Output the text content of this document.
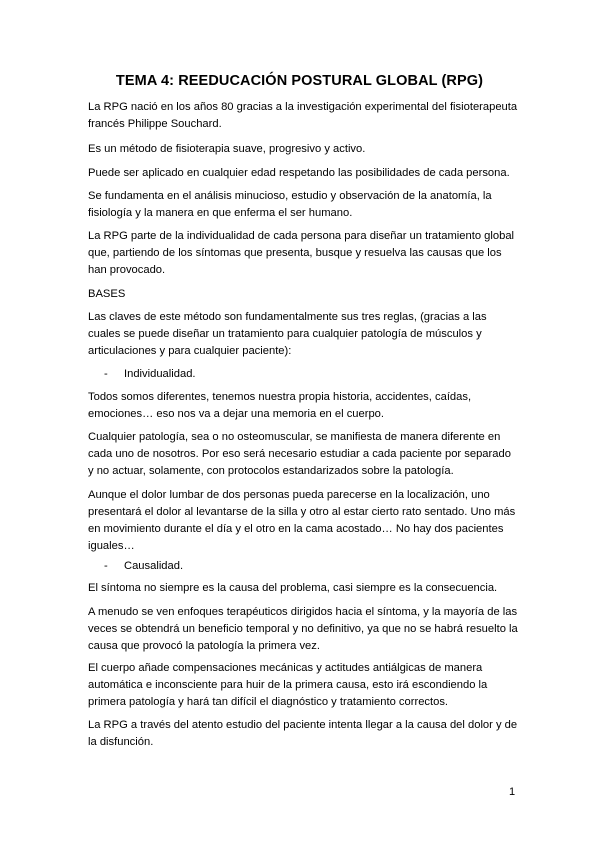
TEMA 4: REEDUCACIÓN POSTURAL GLOBAL (RPG)

La RPG nació en los años 80 gracias a la investigación experimental del fisioterapeuta francés Philippe Souchard.

Es un método de fisioterapia suave, progresivo y activo.

Puede ser aplicado en cualquier edad respetando las posibilidades de cada persona.

Se fundamenta en el análisis minucioso, estudio y observación de la anatomía, la fisiología y la manera en que enferma el ser humano.

La RPG parte de la individualidad de cada persona para diseñar un tratamiento global que, partiendo de los síntomas que presenta, busque y resuelva las causas que los han provocado.

BASES

Las claves de este método son fundamentalmente sus tres reglas, (gracias a las cuales se puede diseñar un tratamiento para cualquier patología de músculos y articulaciones y para cualquier paciente):

- Individualidad.

Todos somos diferentes, tenemos nuestra propia historia, accidentes, caídas, emociones… eso nos va a dejar una memoria en el cuerpo.

Cualquier patología, sea o no osteomuscular, se manifiesta de manera diferente en cada uno de nosotros. Por eso será necesario estudiar a cada paciente por separado y no actuar, solamente, con protocolos estandarizados sobre la patología.

Aunque el dolor lumbar de dos personas pueda parecerse en la localización, uno presentará el dolor al levantarse de la silla y otro al estar cierto rato sentado. Uno más en movimiento durante el día y el otro en la cama acostado… No hay dos pacientes iguales…

- Causalidad.

El síntoma no siempre es la causa del problema, casi siempre es la consecuencia.

A menudo se ven enfoques terapéuticos dirigidos hacia el síntoma, y la mayoría de las veces se obtendrá un beneficio temporal y no definitivo, ya que no se habrá resuelto la causa que provocó la patología la primera vez.

El cuerpo añade compensaciones mecánicas y actitudes antiálgicas de manera automática e inconsciente para huir de la primera causa, esto irá escondiendo la primera patología y hará tan difícil el diagnóstico y tratamiento correctos.

La RPG a través del atento estudio del paciente intenta llegar a la causa del dolor y de la disfunción.

1
